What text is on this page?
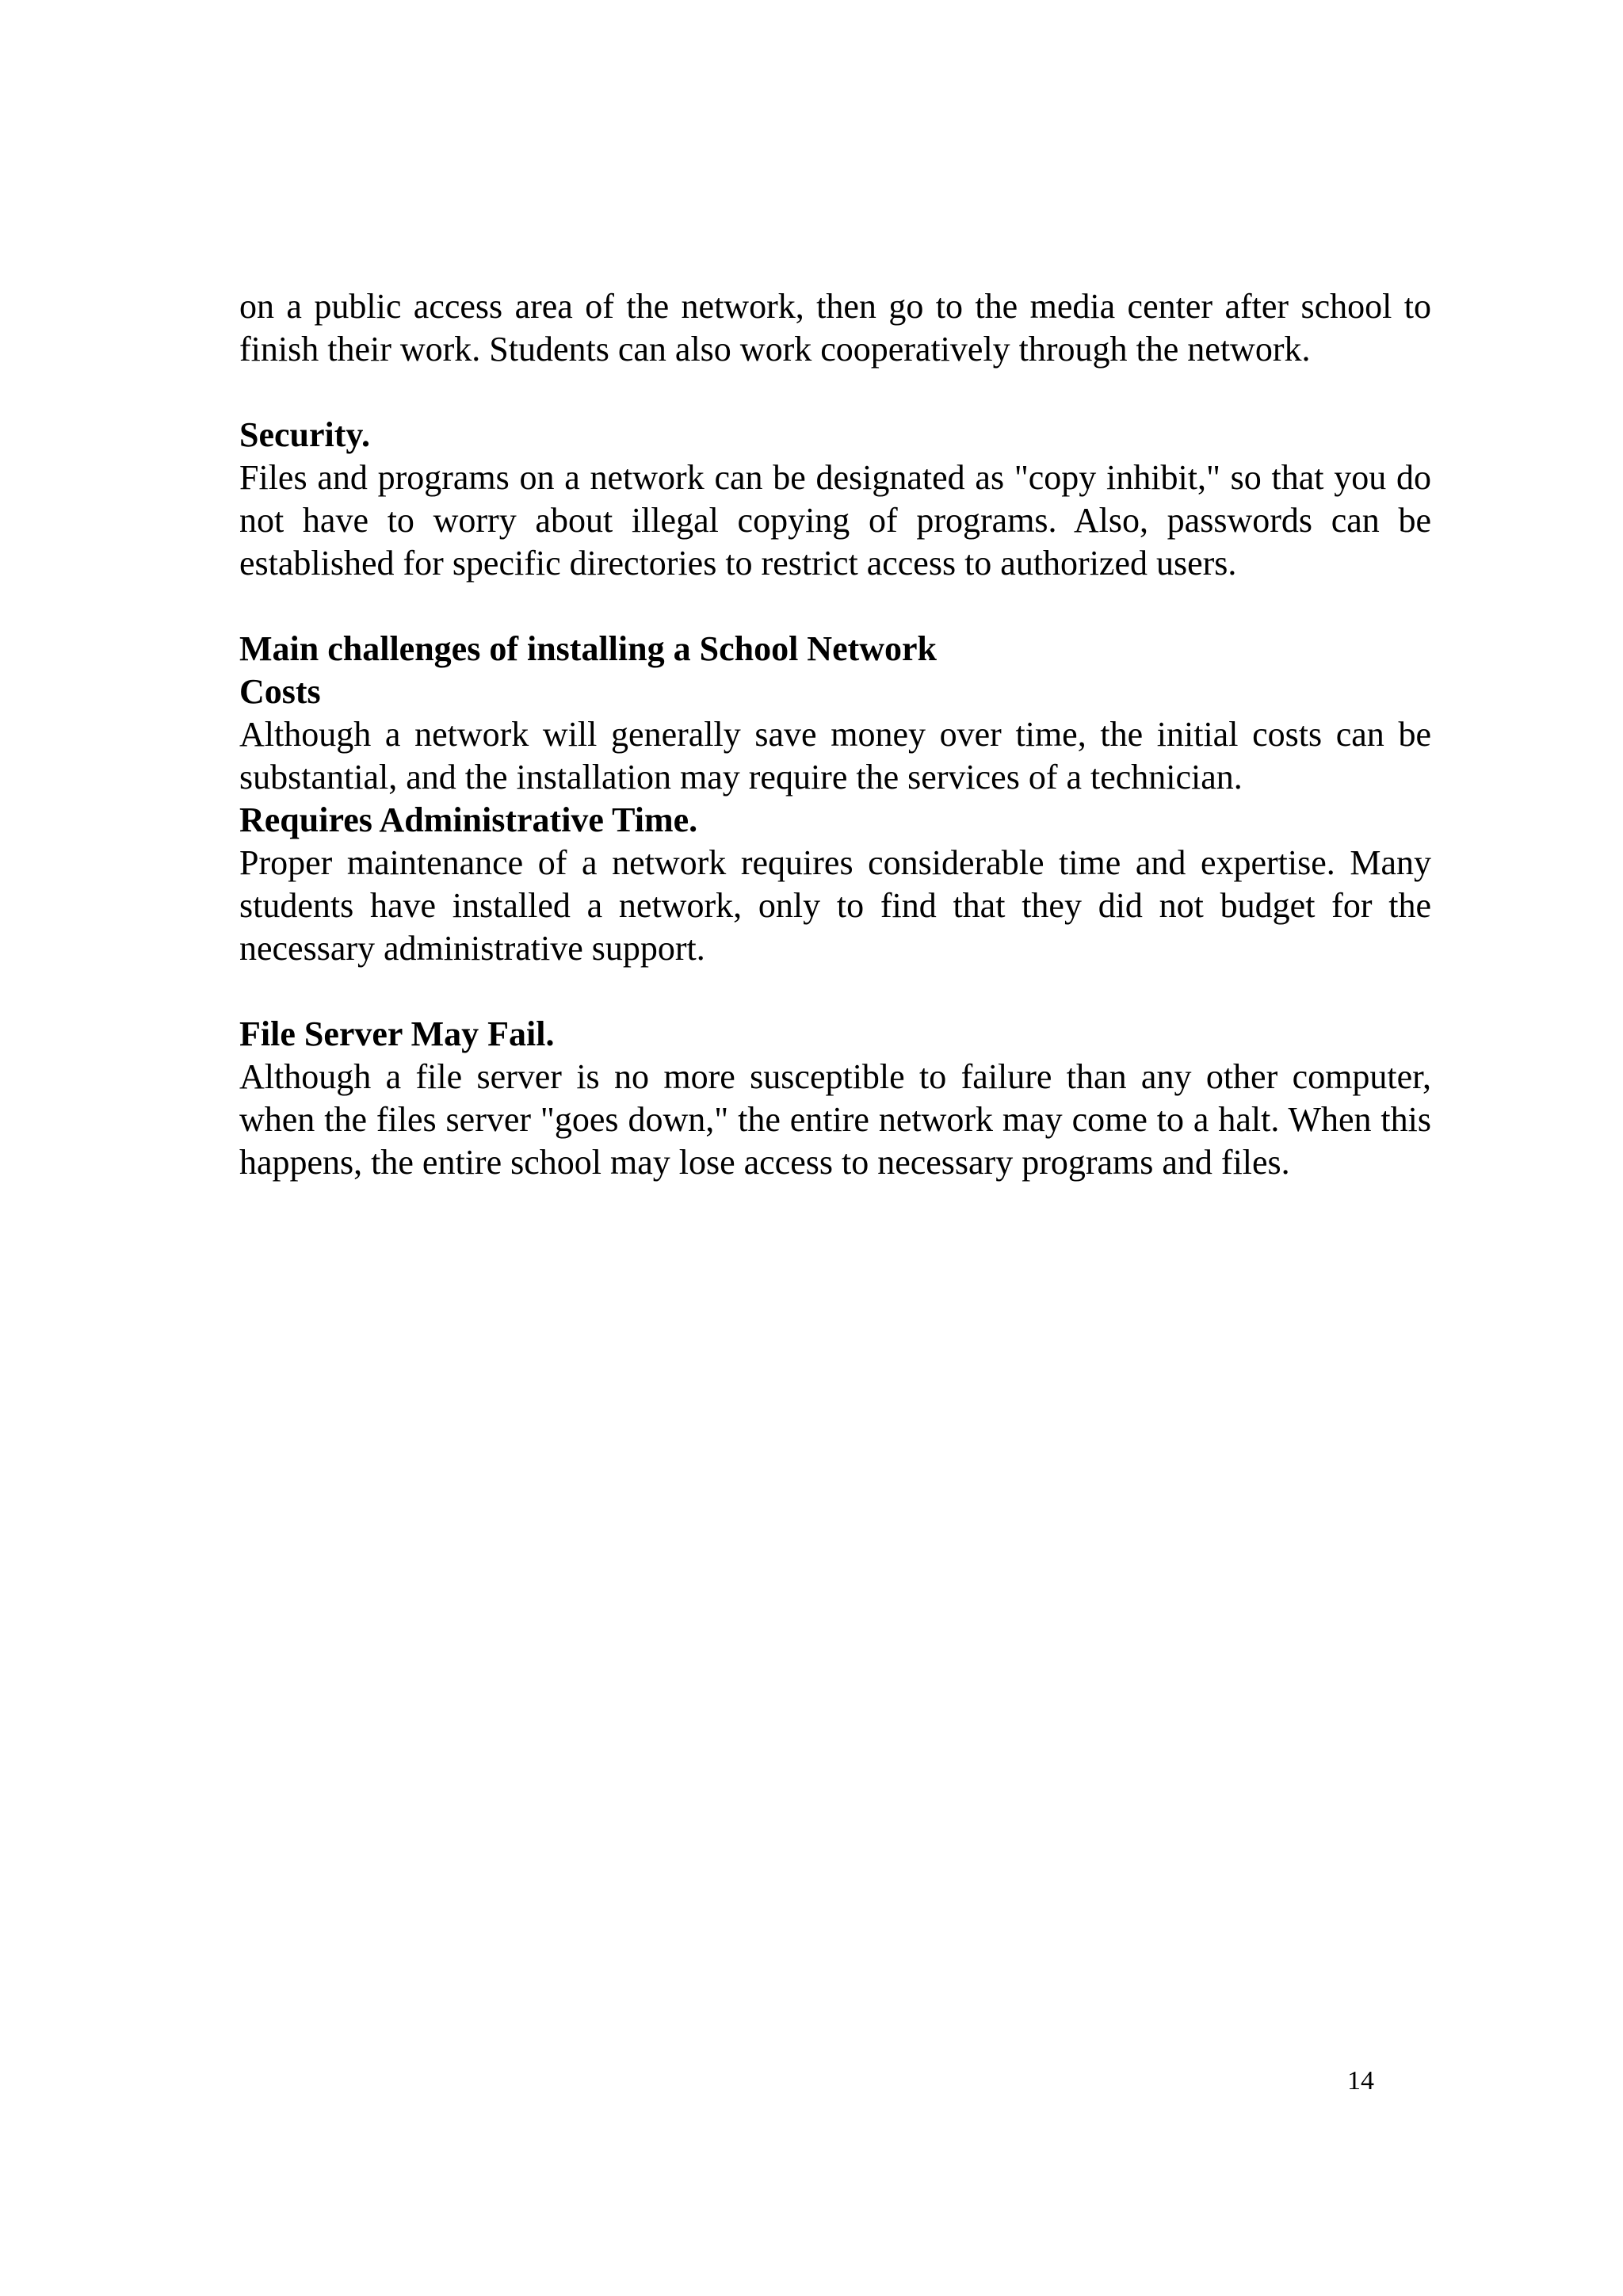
on a public access area of the network, then go to the media center after school to finish their work. Students can also work cooperatively through the network.

Security.

Files and programs on a network can be designated as "copy inhibit," so that you do not have to worry about illegal copying of programs. Also, passwords can be established for specific directories to restrict access to authorized users.

Main challenges of installing a School Network
Costs

Although a network will generally save money over time, the initial costs can be substantial, and the installation may require the services of a technician.

Requires Administrative Time.

Proper maintenance of a network requires considerable time and expertise. Many students have installed a network, only to find that they did not budget for the necessary administrative support.

File Server May Fail.

Although a file server is no more susceptible to failure than any other computer, when the files server "goes down," the entire network may come to a halt. When this happens, the entire school may lose access to necessary programs and files.

14
